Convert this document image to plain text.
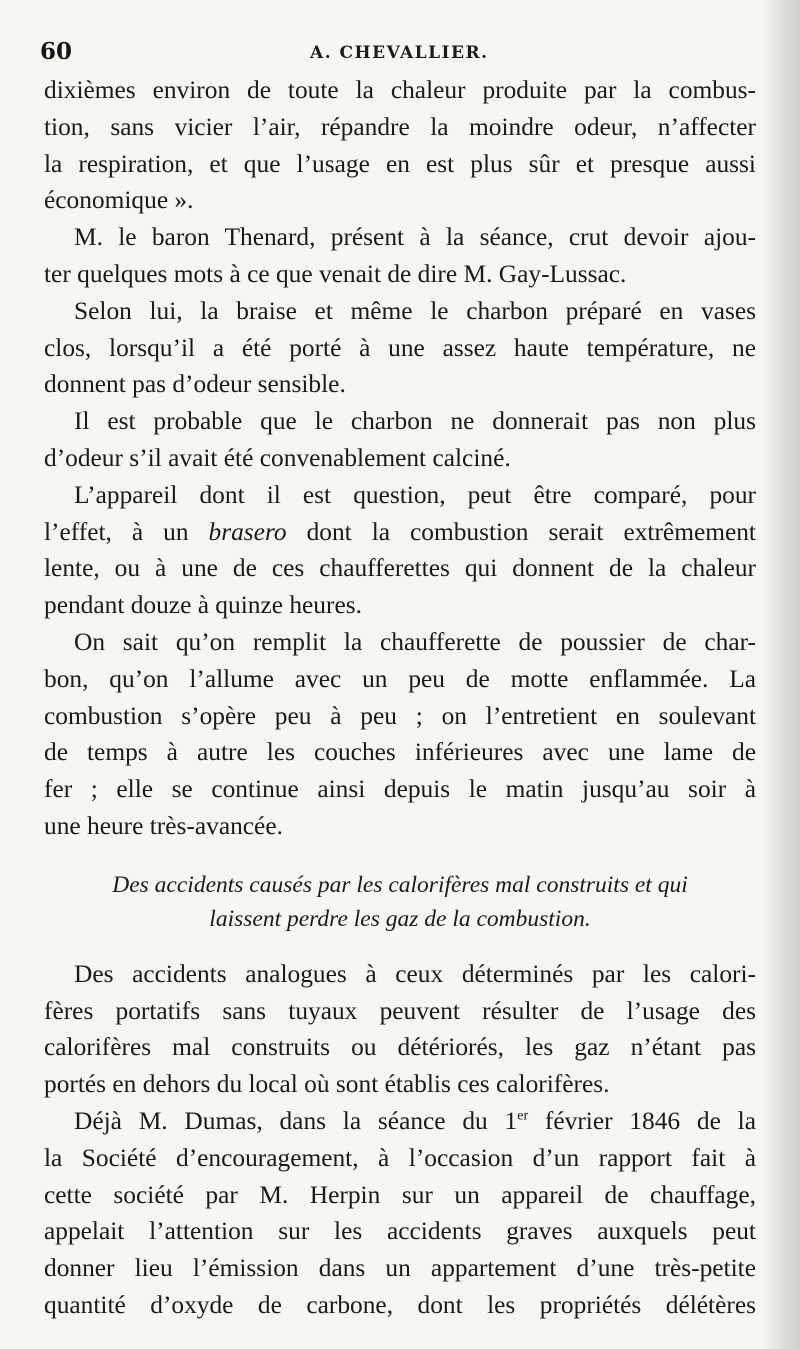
60	A. CHEVALLIER.
dixièmes environ de toute la chaleur produite par la combus-
tion, sans vicier l’air, répandre la moindre odeur, n’affecter
la respiration, et que l’usage en est plus sûr et presque aussi
économique ».
M. le baron Thenard, présent à la séance, crut devoir ajou-
ter quelques mots à ce que venait de dire M. Gay-Lussac.
Selon lui, la braise et même le charbon préparé en vases
clos, lorsqu’il a été porté à une assez haute température, ne
donnent pas d’odeur sensible.
Il est probable que le charbon ne donnerait pas non plus
d’odeur s’il avait été convenablement calciné.
L’appareil dont il est question, peut être comparé, pour
l’effet, à un brasero dont la combustion serait extrêmement
lente, ou à une de ces chaufferettes qui donnent de la chaleur
pendant douze à quinze heures.
On sait qu’on remplit la chaufferette de poussier de char-
bon, qu’on l’allume avec un peu de motte enflammée. La
combustion s’opère peu à peu ; on l’entretient en soulevant
de temps à autre les couches inférieures avec une lame de
fer ; elle se continue ainsi depuis le matin jusqu’au soir à
une heure très-avancée.
Des accidents causés par les calorifères mal construits et qui
laissent perdre les gaz de la combustion.
Des accidents analogues à ceux déterminés par les calori-
fères portatifs sans tuyaux peuvent résulter de l’usage des
calorifères mal construits ou détériorés, les gaz n’étant pas
portés en dehors du local où sont établis ces calorifères.
Déjà M. Dumas, dans la séance du 1er février 1846 de la
la Société d’encouragement, à l’occasion d’un rapport fait à
cette société par M. Herpin sur un appareil de chauffage,
appelait l’attention sur les accidents graves auxquels peut
donner lieu l’émission dans un appartement d’une très-petite
quantité d’oxyde de carbone, dont les propriétés délétères
